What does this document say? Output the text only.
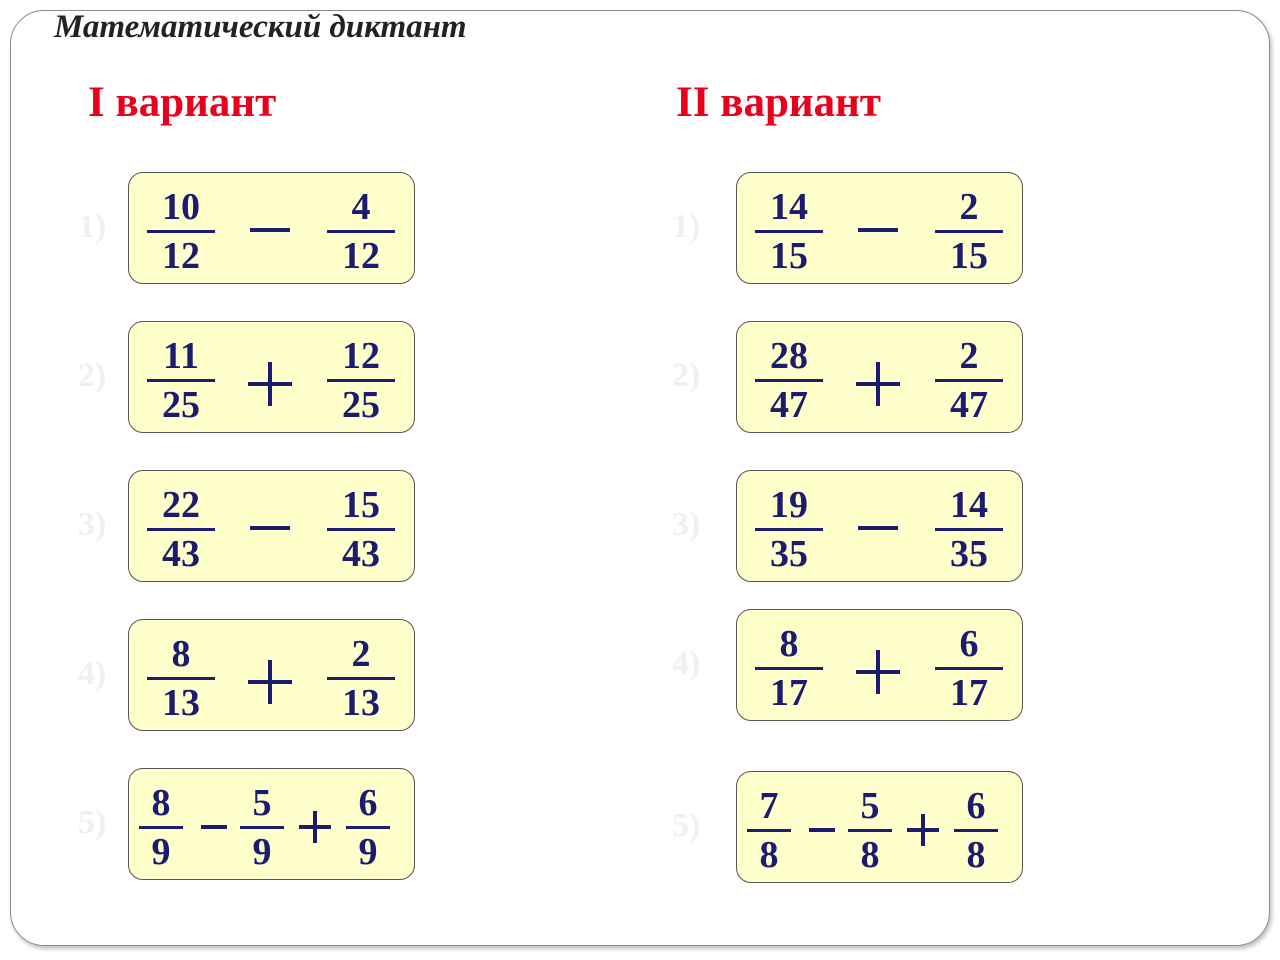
Математический диктант
I вариант	II вариант
1)	10
12
4
12
2)	11
25
12
25
3)	22
43
15
43
4)	8
13
2
13
5)	8
9
5
9
6
9
1)	14
15
2
15
2)	28
47
2
47
3)	19
35
14
35
4)	8
17
6
17
5)	7
8
5
8
6
8
